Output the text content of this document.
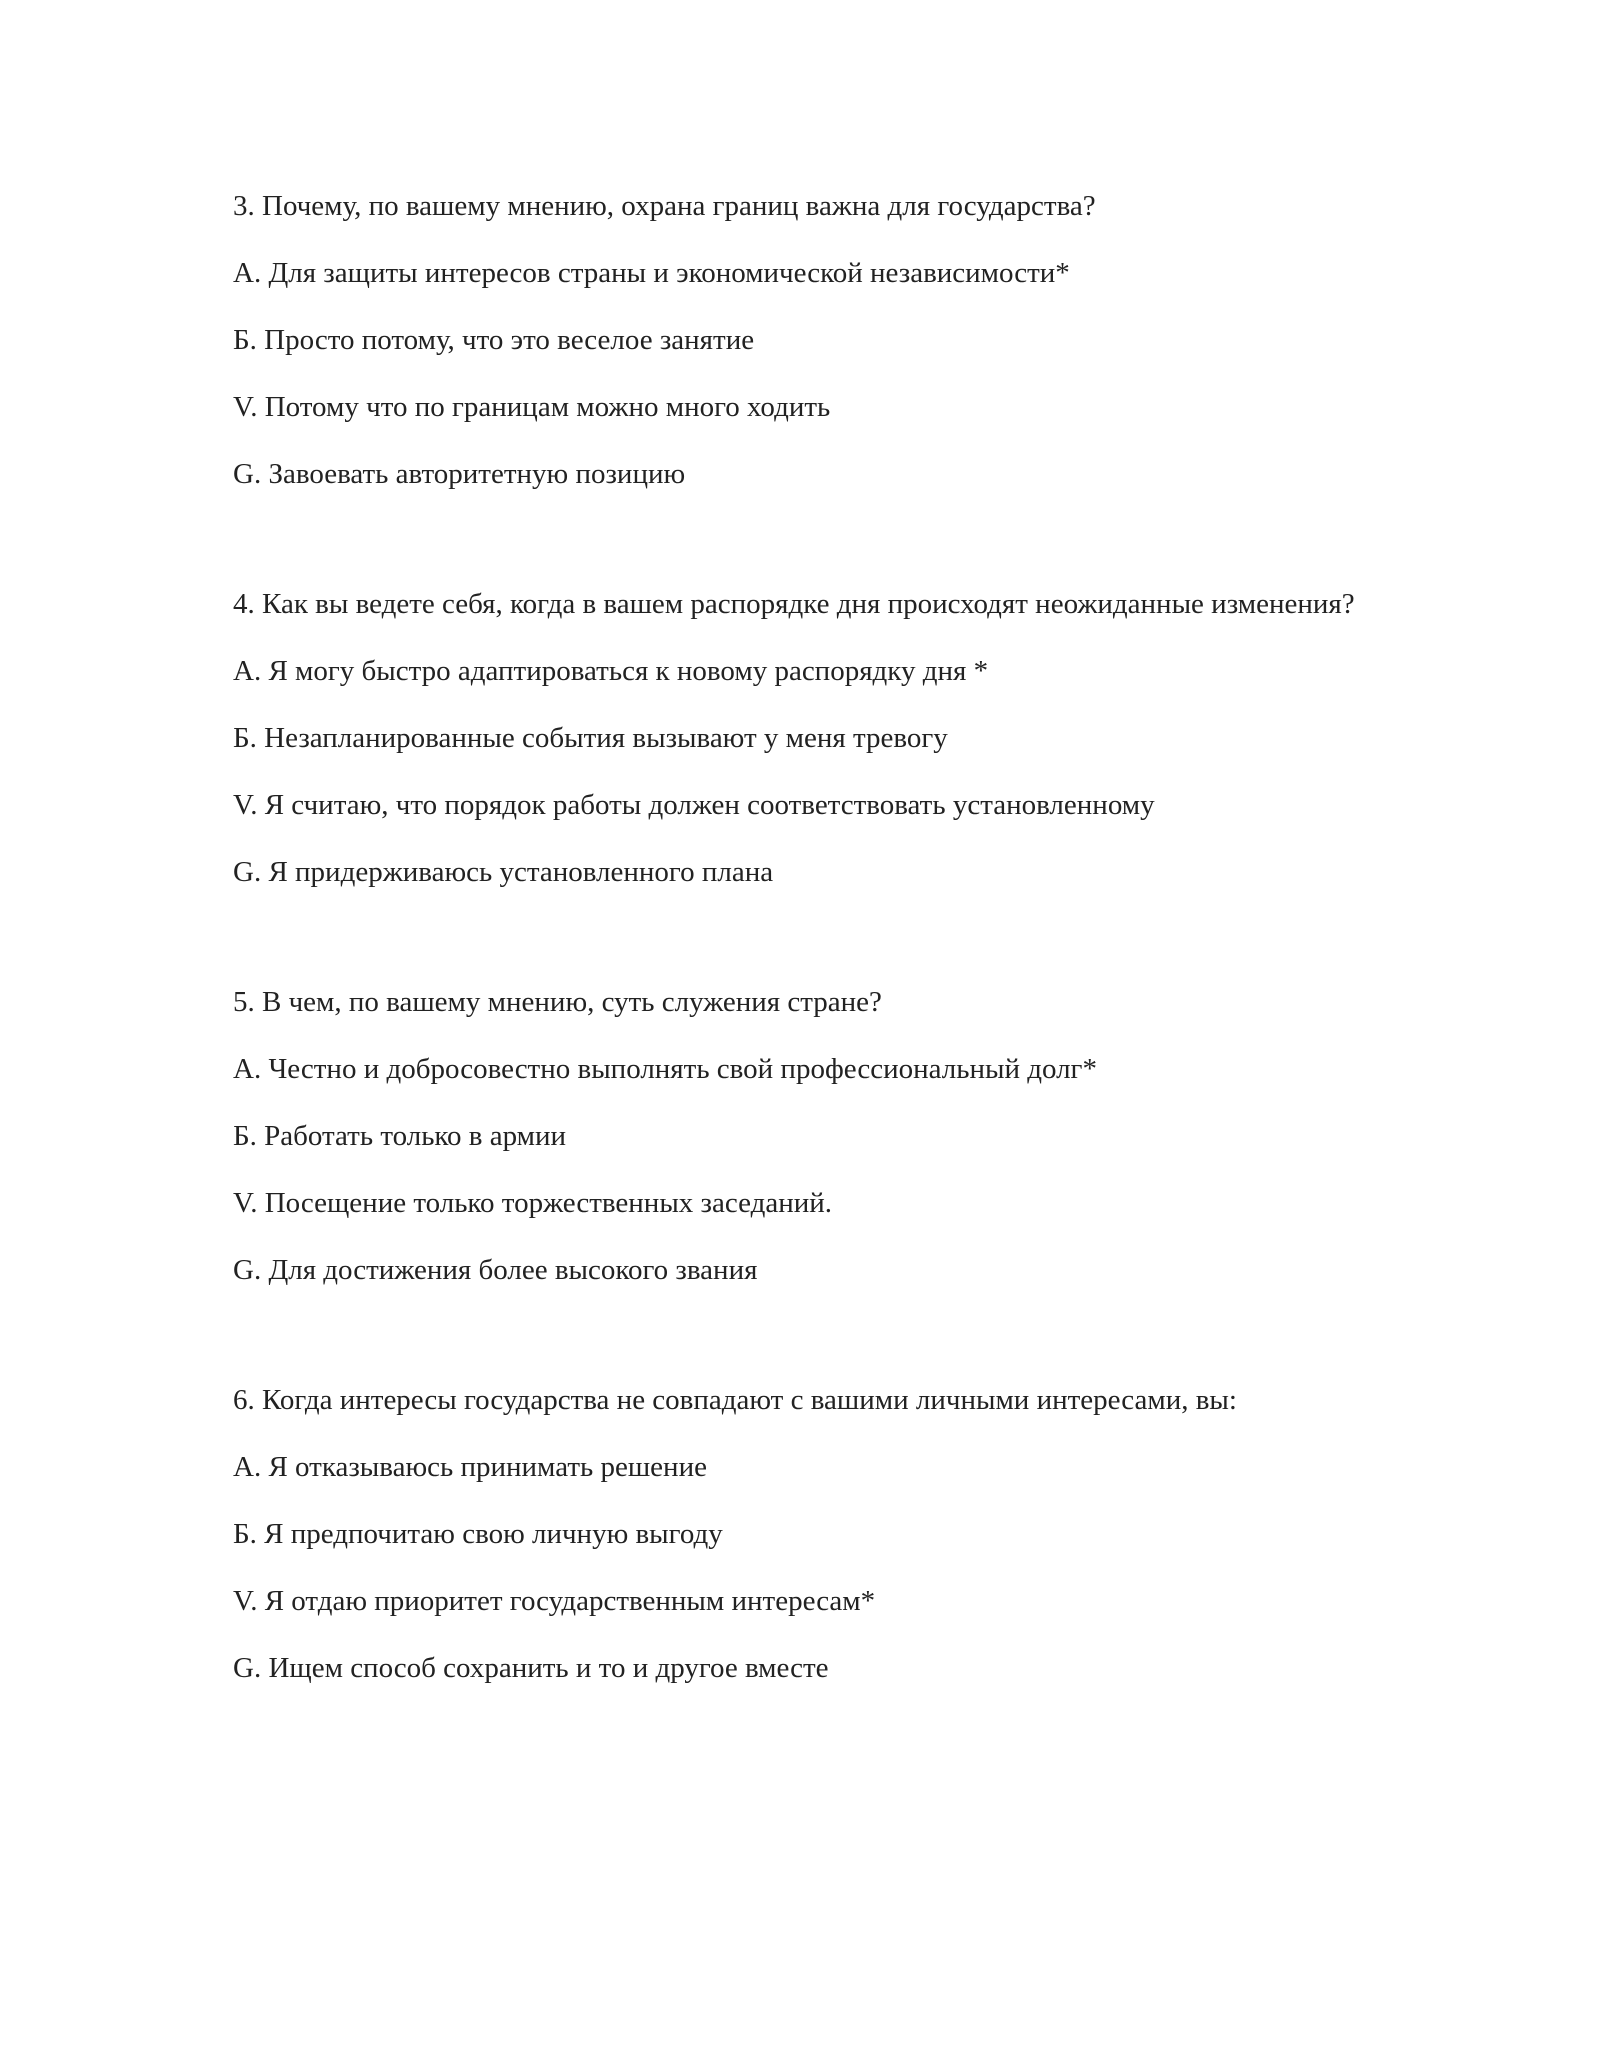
3. Почему, по вашему мнению, охрана границ важна для государства?

А. Для защиты интересов страны и экономической независимости*

Б. Просто потому, что это веселое занятие

V. Потому что по границам можно много ходить

G. Завоевать авторитетную позицию

4. Как вы ведете себя, когда в вашем распорядке дня происходят неожиданные изменения?

А. Я могу быстро адаптироваться к новому распорядку дня *

Б. Незапланированные события вызывают у меня тревогу

V. Я считаю, что порядок работы должен соответствовать установленному

G. Я придерживаюсь установленного плана

5. В чем, по вашему мнению, суть служения стране?

А. Честно и добросовестно выполнять свой профессиональный долг*

Б. Работать только в армии

V. Посещение только торжественных заседаний.

G. Для достижения более высокого звания

6. Когда интересы государства не совпадают с вашими личными интересами, вы:

А. Я отказываюсь принимать решение

Б. Я предпочитаю свою личную выгоду

V. Я отдаю приоритет государственным интересам*

G. Ищем способ сохранить и то и другое вместе
